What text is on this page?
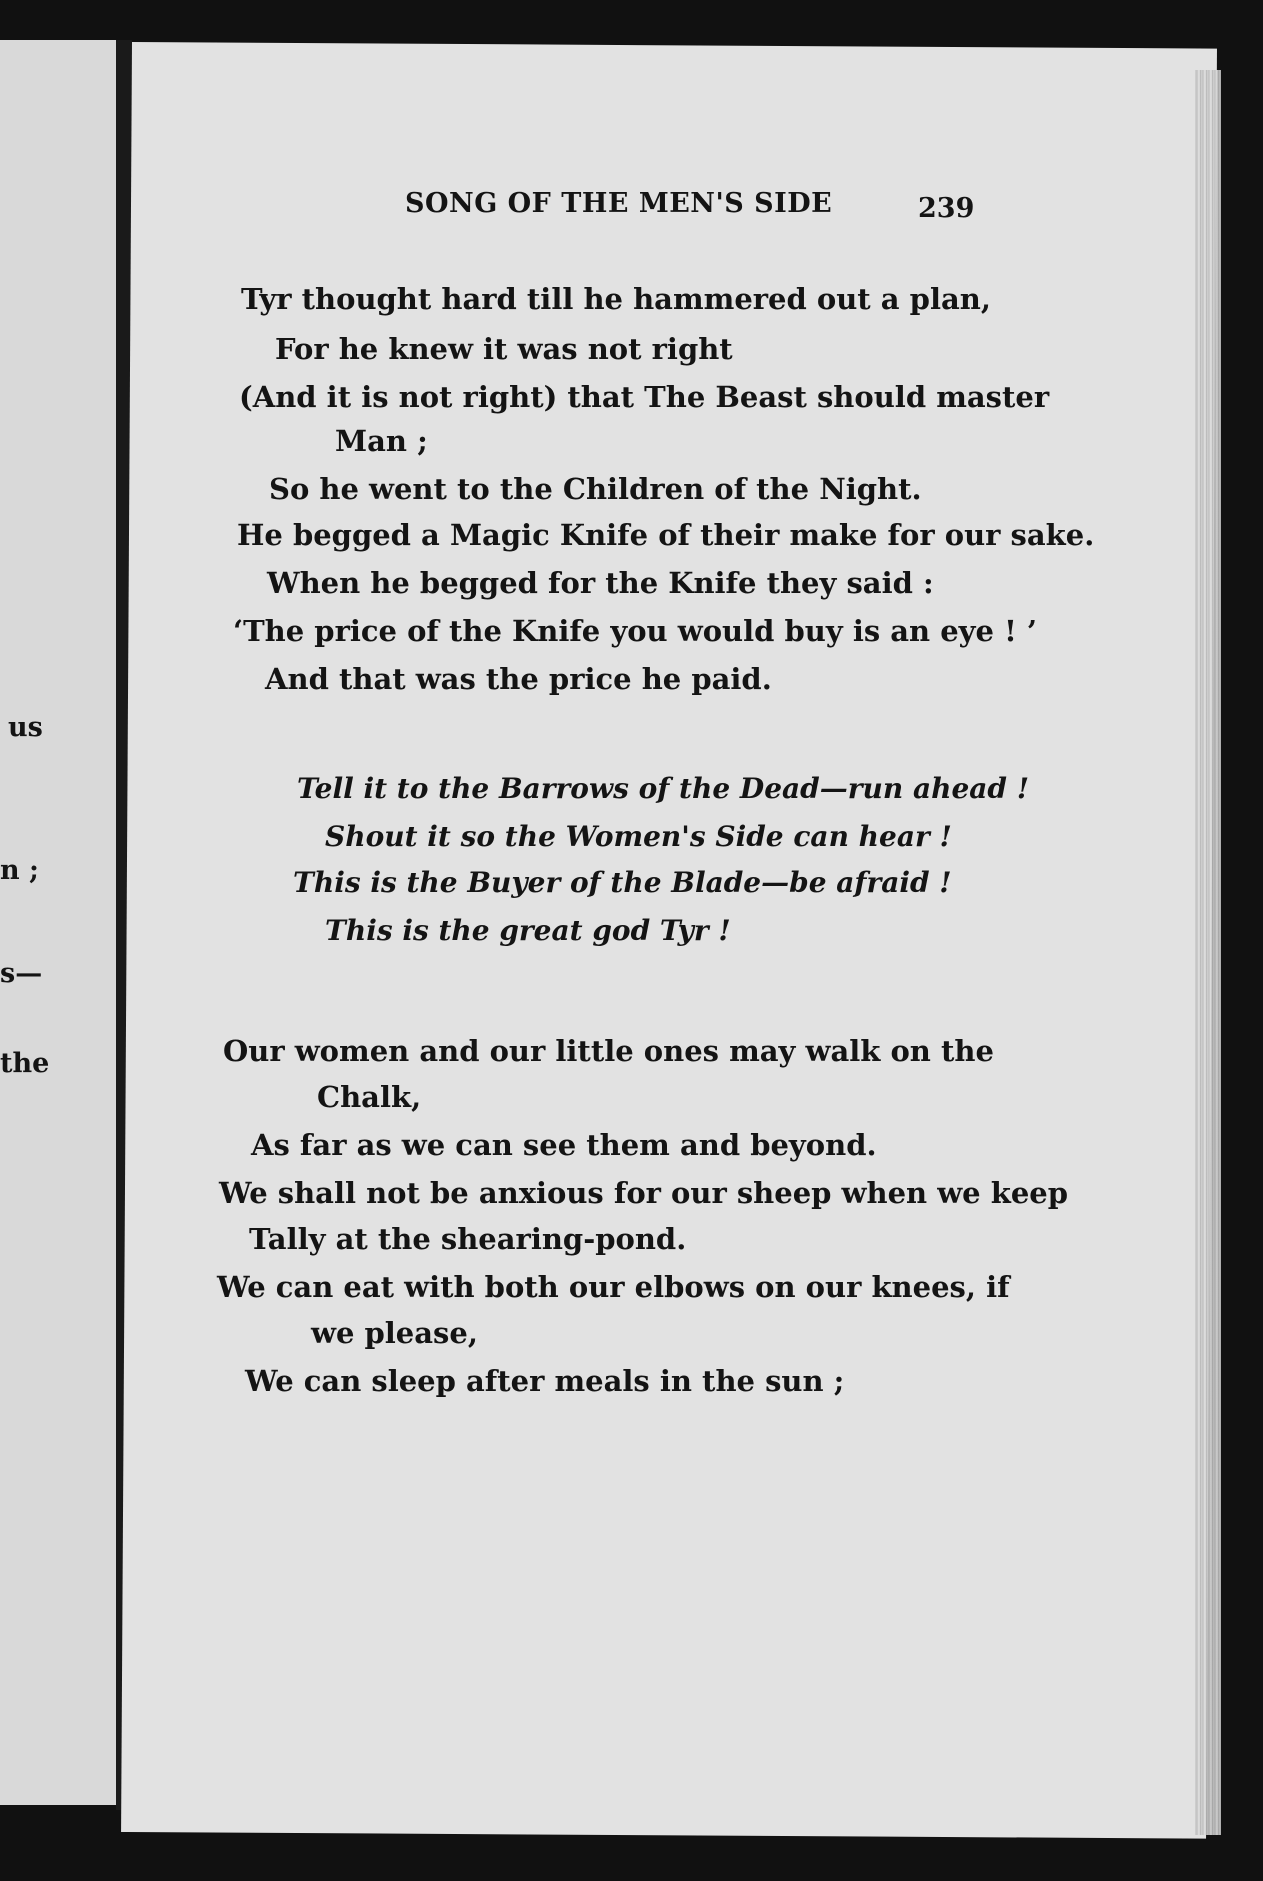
us
n ;
s—
the
SONG OF THE MEN'S SIDE	239
Tyr thought hard till he hammered out a plan,
For he knew it was not right
(And it is not right) that The Beast should master
Man ;
So he went to the Children of the Night.
He begged a Magic Knife of their make for our sake.
When he begged for the Knife they said :
‘The price of the Knife you would buy is an eye ! ’
And that was the price he paid.
Tell it to the Barrows of the Dead—run ahead !
Shout it so the Women's Side can hear !
This is the Buyer of the Blade—be afraid !
This is the great god Tyr !
Our women and our little ones may walk on the
Chalk,
As far as we can see them and beyond.
We shall not be anxious for our sheep when we keep
Tally at the shearing-pond.
We can eat with both our elbows on our knees, if
we please,
We can sleep after meals in the sun ;
